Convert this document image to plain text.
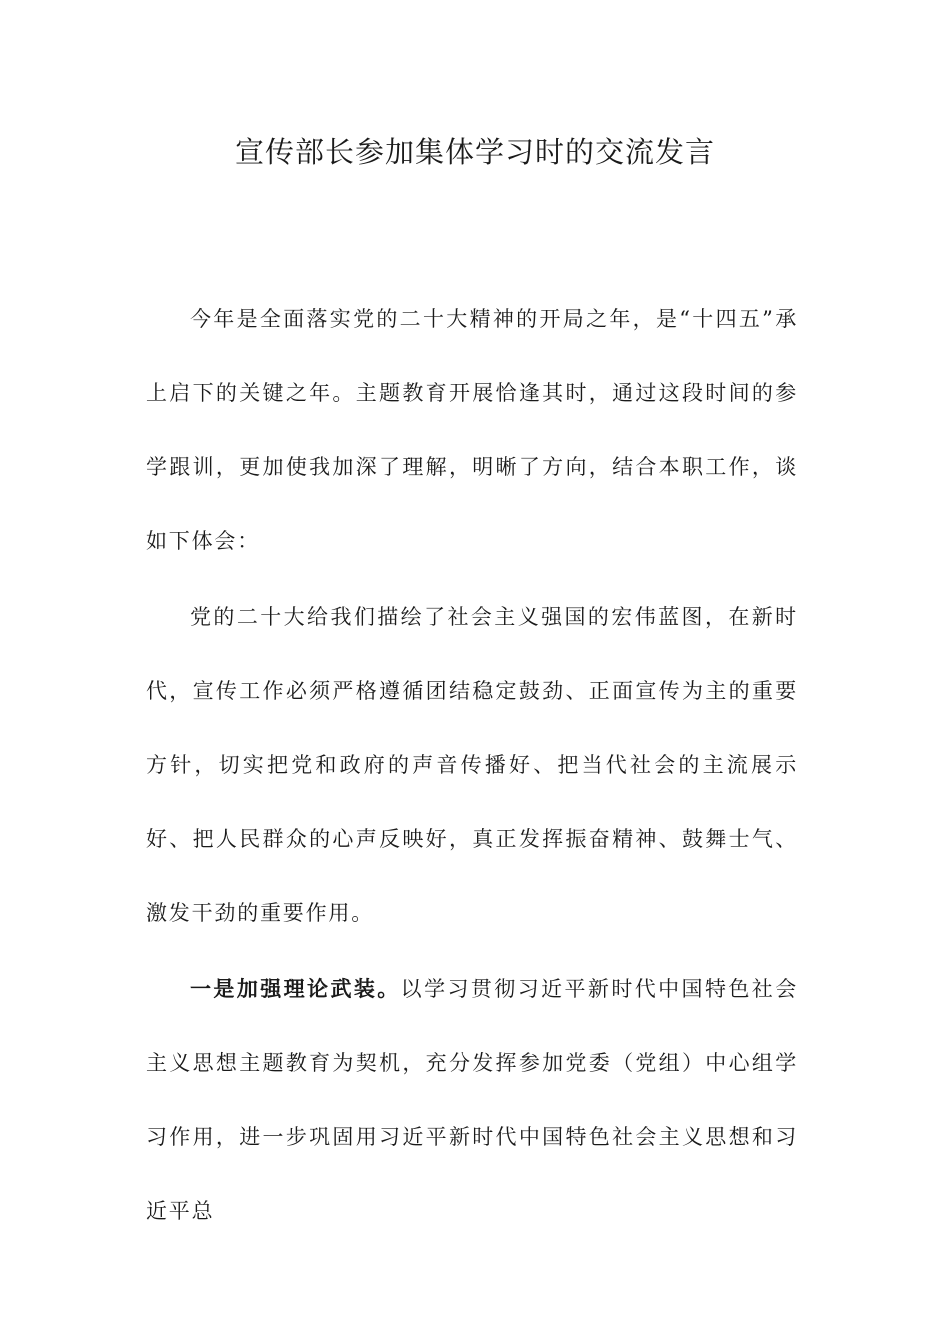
宣传部长参加集体学习时的交流发言

今年是全面落实党的二十大精神的开局之年，是“十四五”承上启下的关键之年。主题教育开展恰逢其时，通过这段时间的参学跟训，更加使我加深了理解，明晰了方向，结合本职工作，谈如下体会：

党的二十大给我们描绘了社会主义强国的宏伟蓝图，在新时代，宣传工作必须严格遵循团结稳定鼓劲、正面宣传为主的重要方针，切实把党和政府的声音传播好、把当代社会的主流展示好、把人民群众的心声反映好，真正发挥振奋精神、鼓舞士气、激发干劲的重要作用。

一是加强理论武装。以学习贯彻习近平新时代中国特色社会主义思想主题教育为契机，充分发挥参加党委（党组）中心组学习作用，进一步巩固用习近平新时代中国特色社会主义思想和习近平总
